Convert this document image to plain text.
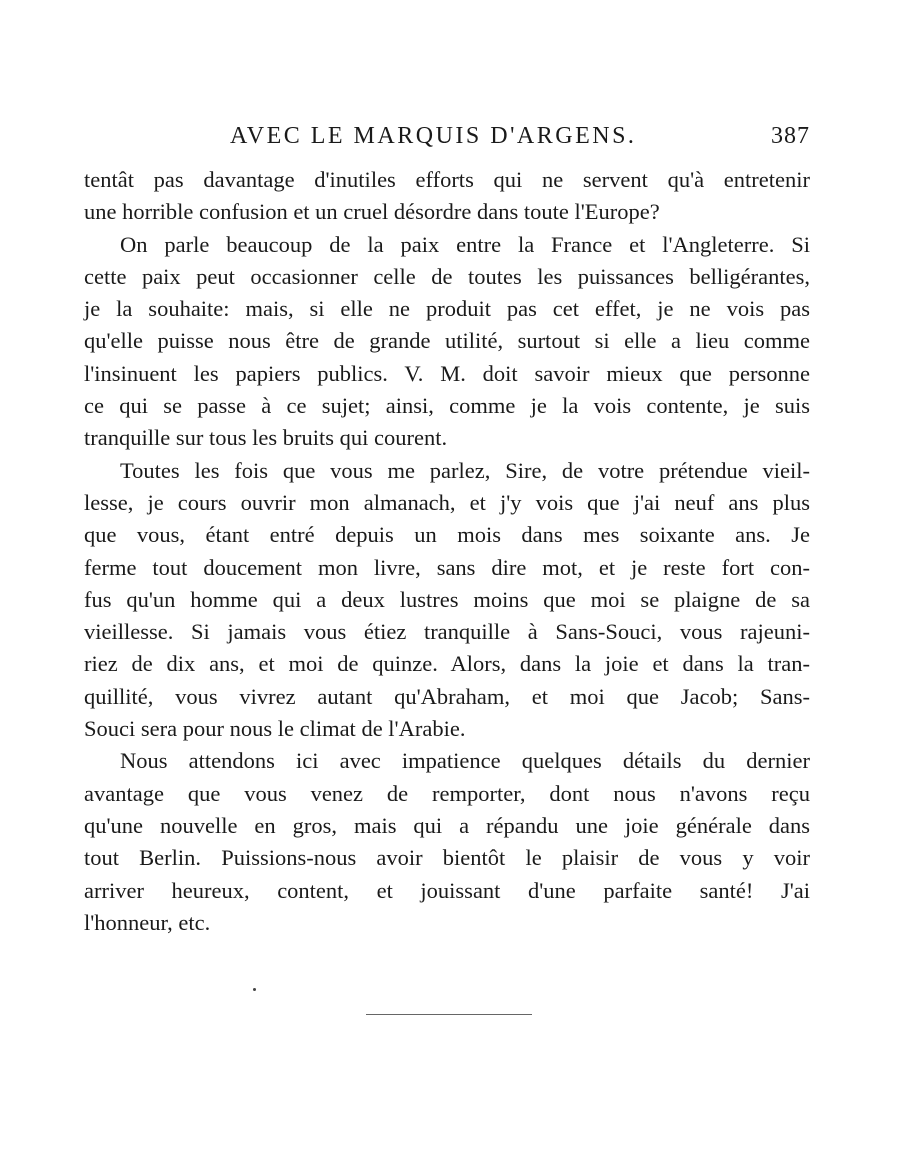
AVEC LE MARQUIS D'ARGENS.	387

tentât pas davantage d'inutiles efforts qui ne servent qu'à entretenir
une horrible confusion et un cruel désordre dans toute l'Europe?

On parle beaucoup de la paix entre la France et l'Angleterre. Si
cette paix peut occasionner celle de toutes les puissances belligérantes,
je la souhaite: mais, si elle ne produit pas cet effet, je ne vois pas
qu'elle puisse nous être de grande utilité, surtout si elle a lieu comme
l'insinuent les papiers publics. V. M. doit savoir mieux que personne
ce qui se passe à ce sujet; ainsi, comme je la vois contente, je suis
tranquille sur tous les bruits qui courent.

Toutes les fois que vous me parlez, Sire, de votre prétendue vieil-
lesse, je cours ouvrir mon almanach, et j'y vois que j'ai neuf ans plus
que vous, étant entré depuis un mois dans mes soixante ans. Je
ferme tout doucement mon livre, sans dire mot, et je reste fort con-
fus qu'un homme qui a deux lustres moins que moi se plaigne de sa
vieillesse. Si jamais vous étiez tranquille à Sans-Souci, vous rajeuni-
riez de dix ans, et moi de quinze. Alors, dans la joie et dans la tran-
quillité, vous vivrez autant qu'Abraham, et moi que Jacob; Sans-
Souci sera pour nous le climat de l'Arabie.

Nous attendons ici avec impatience quelques détails du dernier
avantage que vous venez de remporter, dont nous n'avons reçu
qu'une nouvelle en gros, mais qui a répandu une joie générale dans
tout Berlin. Puissions-nous avoir bientôt le plaisir de vous y voir
arriver heureux, content, et jouissant d'une parfaite santé! J'ai
l'honneur, etc.
